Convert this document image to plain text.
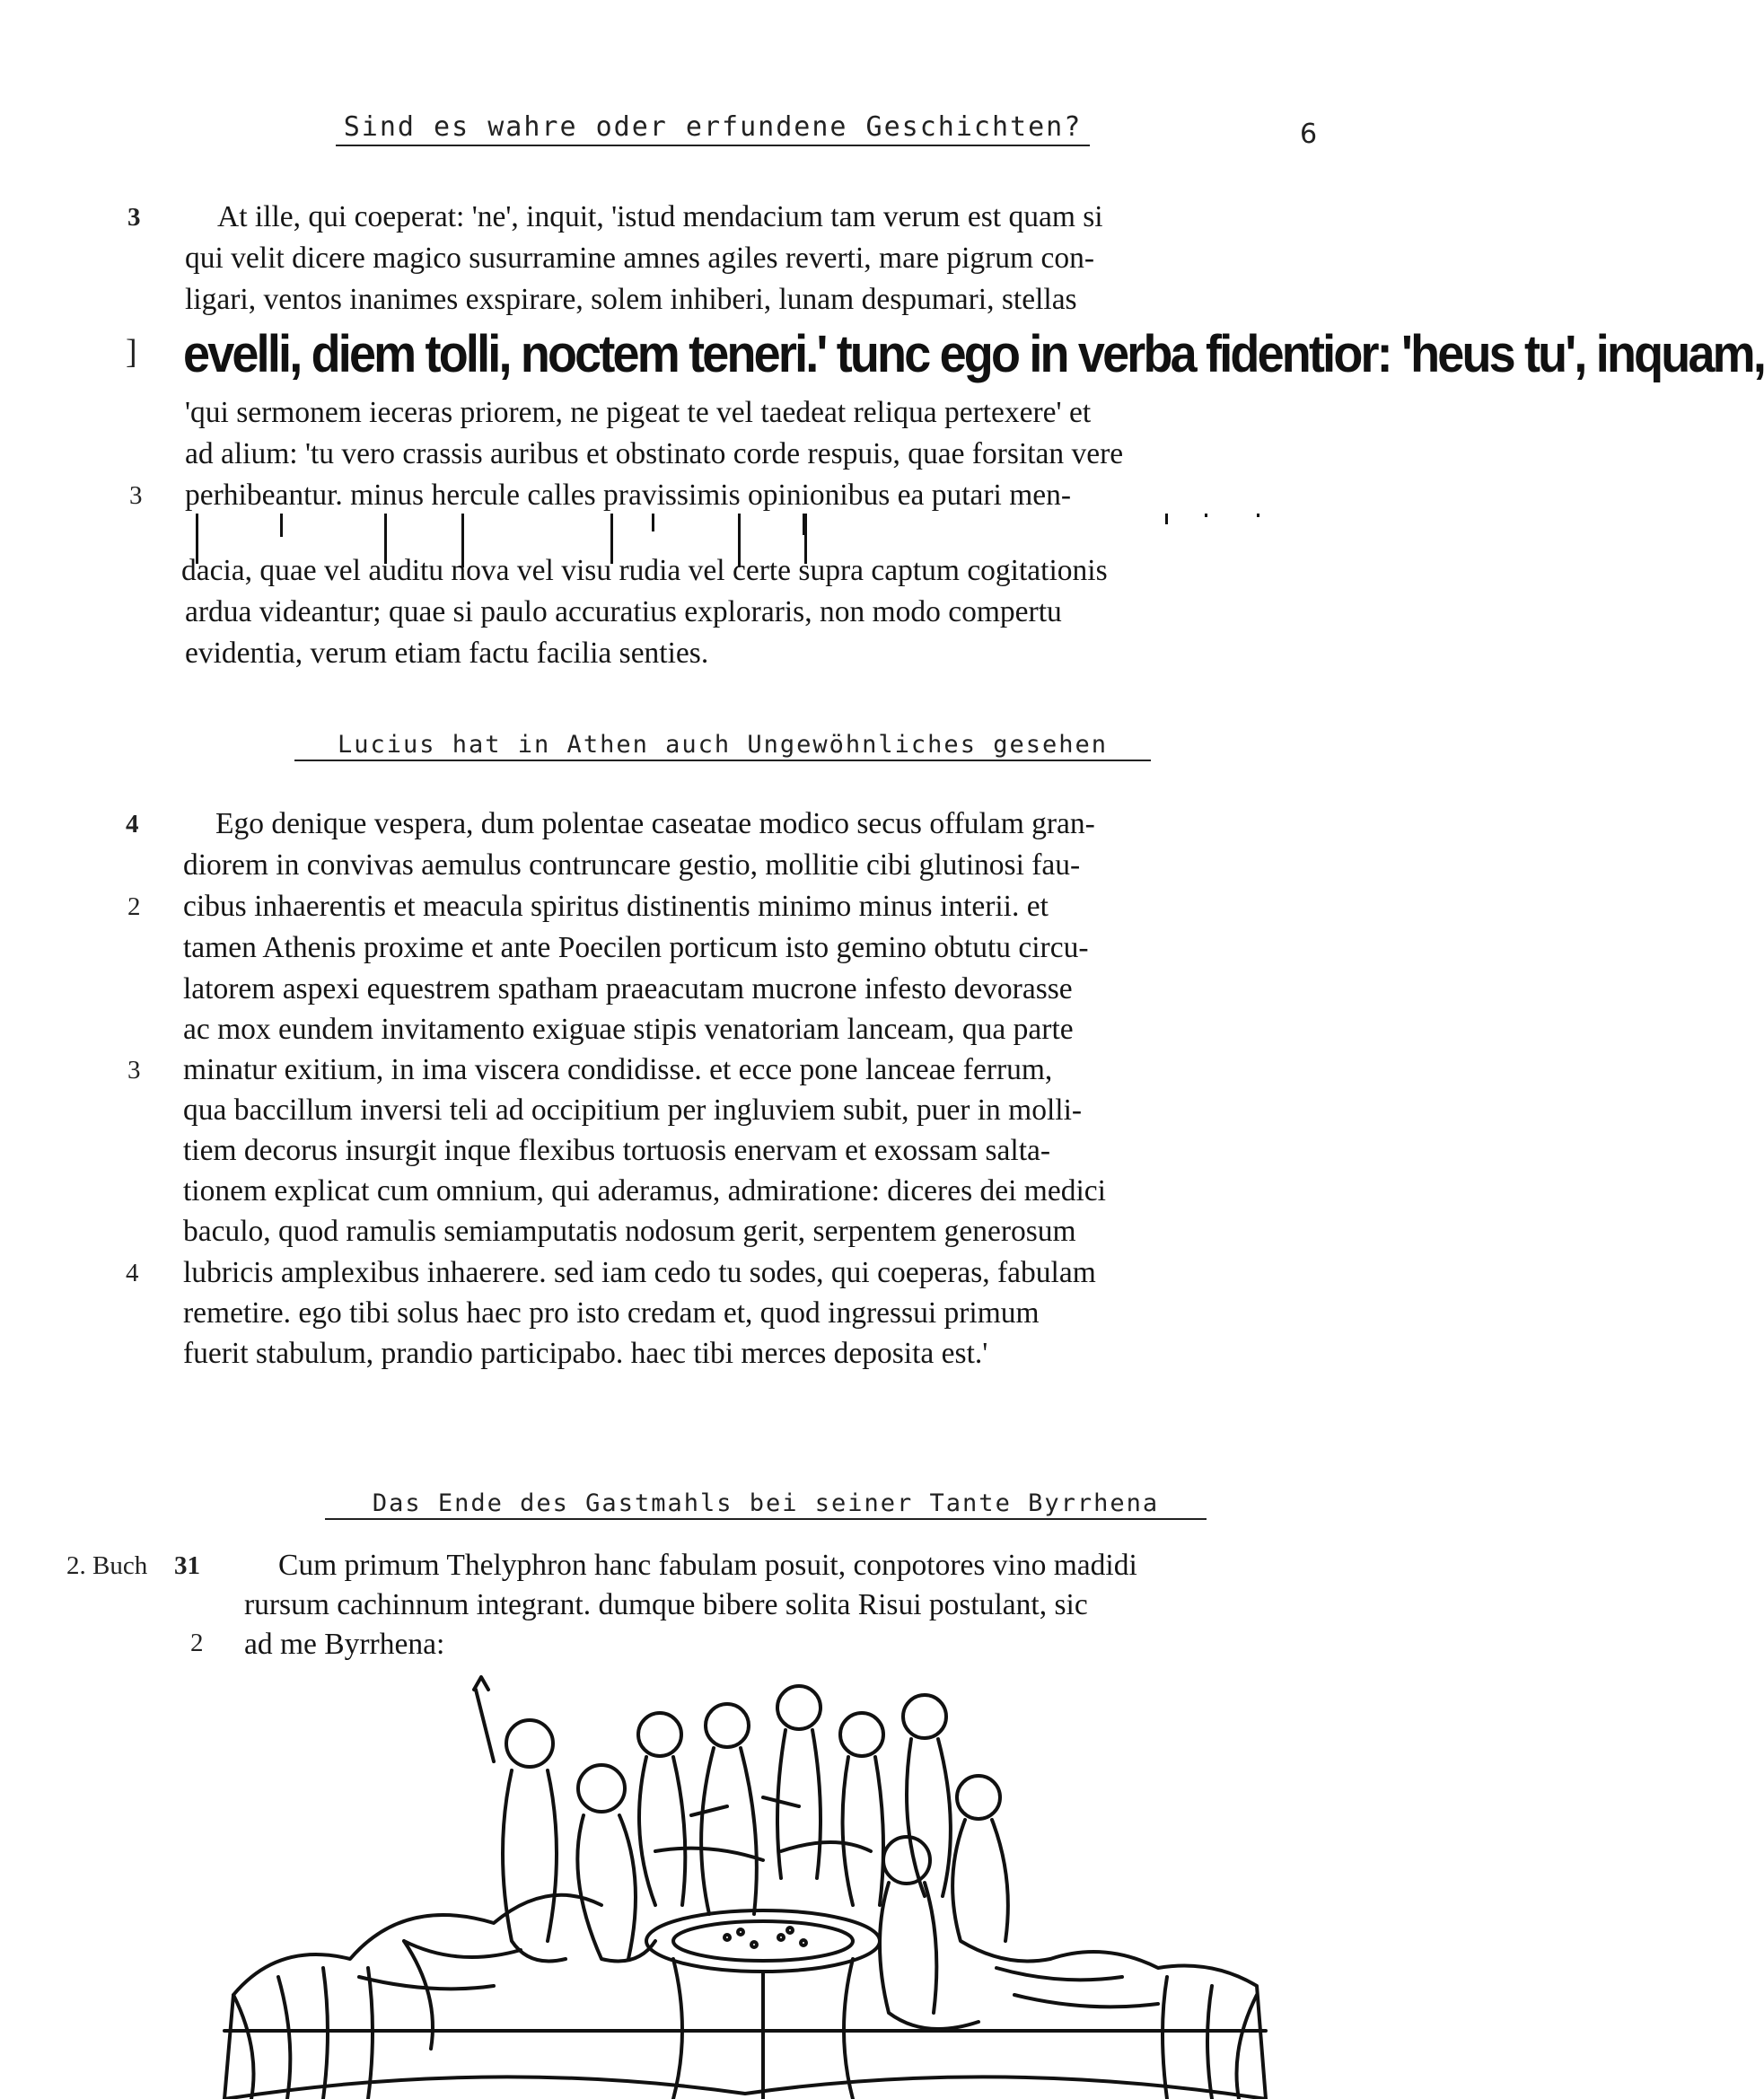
Sind es wahre oder erfundene Geschichten?	6
3
]
3
At ille, qui coeperat: 'ne', inquit, 'istud mendacium tam verum est quam si
qui velit dicere magico susurramine amnes agiles reverti, mare pigrum con-
ligari, ventos inanimes exspirare, solem inhiberi, lunam despumari, stellas
evelli, diem tolli, noctem teneri.' tunc ego in verba fidentior: 'heus tu', inquam,
'qui sermonem ieceras priorem, ne pigeat te vel taedeat reliqua pertexere' et
ad alium: 'tu vero crassis auribus et obstinato corde respuis, quae forsitan vere
perhibeantur. minus hercule calles pravissimis opinionibus ea putari men-
dacia, quae vel auditu nova vel visu rudia vel certe supra captum cogitationis
ardua videantur; quae si paulo accuratius exploraris, non modo compertu
evidentia, verum etiam factu facilia senties.
Lucius hat in Athen auch Ungewöhnliches gesehen
4
2
3
4
Ego denique vespera, dum polentae caseatae modico secus offulam gran-
diorem in convivas aemulus contruncare gestio, mollitie cibi glutinosi fau-
cibus inhaerentis et meacula spiritus distinentis minimo minus interii. et
tamen Athenis proxime et ante Poecilen porticum isto gemino obtutu circu-
latorem aspexi equestrem spatham praeacutam mucrone infesto devorasse
ac mox eundem invitamento exiguae stipis venatoriam lanceam, qua parte
minatur exitium, in ima viscera condidisse. et ecce pone lanceae ferrum,
qua baccillum inversi teli ad occipitium per ingluviem subit, puer in molli-
tiem decorus insurgit inque flexibus tortuosis enervam et exossam salta-
tionem explicat cum omnium, qui aderamus, admiratione: diceres dei medici
baculo, quod ramulis semiamputatis nodosum gerit, serpentem generosum
lubricis amplexibus inhaerere. sed iam cedo tu sodes, qui coeperas, fabulam
remetire. ego tibi solus haec pro isto credam et, quod ingressui primum
fuerit stabulum, prandio participabo. haec tibi merces deposita est.'
Das Ende des Gastmahls bei seiner Tante Byrrhena
2. Buch 31
2
Cum primum Thelyphron hanc fabulam posuit, conpotores vino madidi
rursum cachinnum integrant. dumque bibere solita Risui postulant, sic
ad me Byrrhena:
